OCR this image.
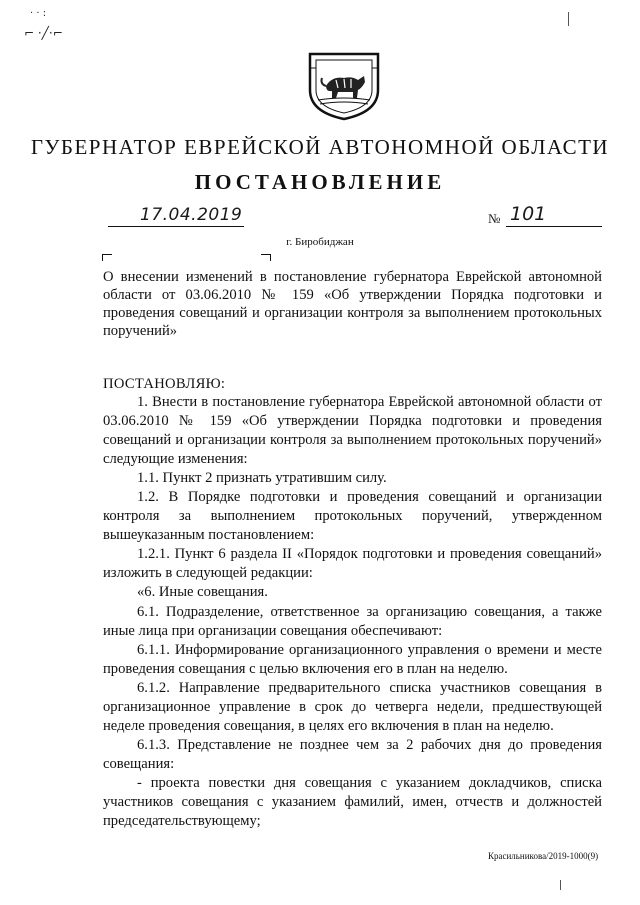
· · :
⌐ ·╱·⌐
ГУБЕРНАТОР ЕВРЕЙСКОЙ АВТОНОМНОЙ ОБЛАСТИ
ПОСТАНОВЛЕНИЕ
17.04.2019	№ 101
г. Биробиджан
О внесении изменений в постановление губернатора Еврейской автономной области от 03.06.2010 № 159 «Об утверждении Порядка подготовки и проведения совещаний и организации контроля за выполнением протокольных поручений»
ПОСТАНОВЛЯЮ:

1. Внести в постановление губернатора Еврейской автономной области от 03.06.2010 № 159 «Об утверждении Порядка подготовки и проведения совещаний и организации контроля за выполнением протокольных поручений» следующие изменения:

1.1. Пункт 2 признать утратившим силу.

1.2. В Порядке подготовки и проведения совещаний и организации контроля за выполнением протокольных поручений, утвержденном вышеуказанным постановлением:

1.2.1. Пункт 6 раздела II «Порядок подготовки и проведения совещаний» изложить в следующей редакции:

«6. Иные совещания.

6.1. Подразделение, ответственное за организацию совещания, а также иные лица при организации совещания обеспечивают:

6.1.1. Информирование организационного управления о времени и месте проведения совещания с целью включения его в план на неделю.

6.1.2. Направление предварительного списка участников совещания в организационное управление в срок до четверга недели, предшествующей неделе проведения совещания, в целях его включения в план на неделю.

6.1.3. Представление не позднее чем за 2 рабочих дня до проведения совещания:

- проекта повестки дня совещания с указанием докладчиков, списка участников совещания с указанием фамилий, имен, отчеств и должностей председательствующему;

Красильникова/2019-1000(9)
